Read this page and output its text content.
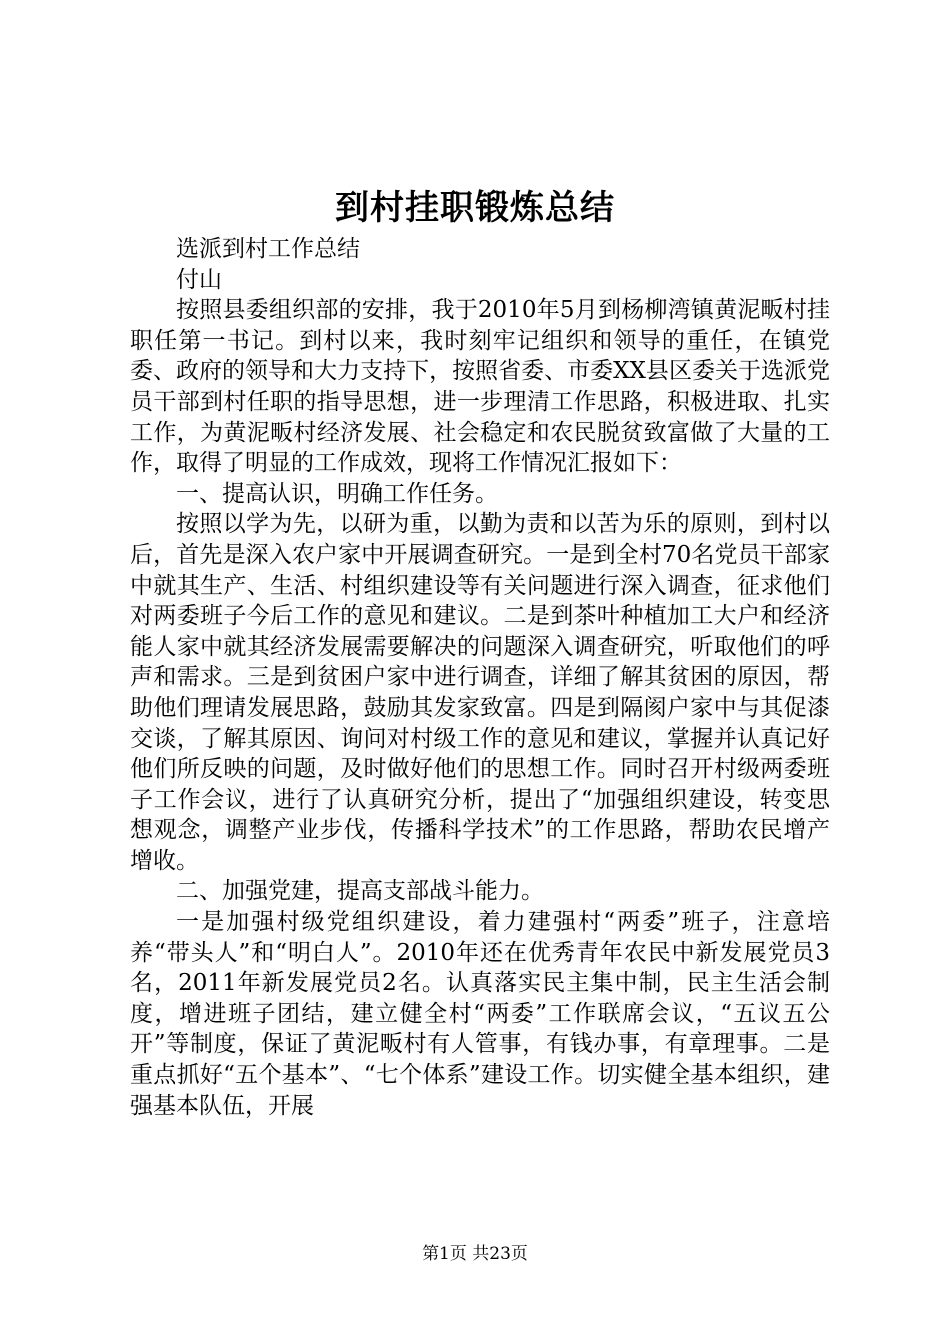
到村挂职锻炼总结

选派到村工作总结

付山

按照县委组织部的安排，我于2010年5月到杨柳湾镇黄泥畈村挂职任第一书记。到村以来，我时刻牢记组织和领导的重任，在镇党委、政府的领导和大力支持下，按照省委、市委XX县区委关于选派党员干部到村任职的指导思想，进一步理清工作思路，积极进取、扎实工作，为黄泥畈村经济发展、社会稳定和农民脱贫致富做了大量的工作，取得了明显的工作成效，现将工作情况汇报如下：

一、提高认识，明确工作任务。

按照以学为先，以研为重，以勤为责和以苦为乐的原则，到村以后，首先是深入农户家中开展调查研究。一是到全村70名党员干部家中就其生产、生活、村组织建设等有关问题进行深入调查，征求他们对两委班子今后工作的意见和建议。二是到茶叶种植加工大户和经济能人家中就其经济发展需要解决的问题深入调查研究，听取他们的呼声和需求。三是到贫困户家中进行调查，详细了解其贫困的原因，帮助他们理请发展思路，鼓励其发家致富。四是到隔阂户家中与其促漆交谈，了解其原因、询问对村级工作的意见和建议，掌握并认真记好他们所反映的问题，及时做好他们的思想工作。同时召开村级两委班子工作会议，进行了认真研究分析，提出了“加强组织建设，转变思想观念，调整产业步伐，传播科学技术”的工作思路，帮助农民增产增收。

二、加强党建，提高支部战斗能力。

一是加强村级党组织建设，着力建强村“两委”班子，注意培养“带头人”和“明白人”。2010年还在优秀青年农民中新发展党员3名，2011年新发展党员2名。认真落实民主集中制，民主生活会制度，增进班子团结，建立健全村“两委”工作联席会议，“五议五公开”等制度，保证了黄泥畈村有人管事，有钱办事，有章理事。二是重点抓好“五个基本”、“七个体系”建设工作。切实健全基本组织，建强基本队伍，开展

第1页 共23页
